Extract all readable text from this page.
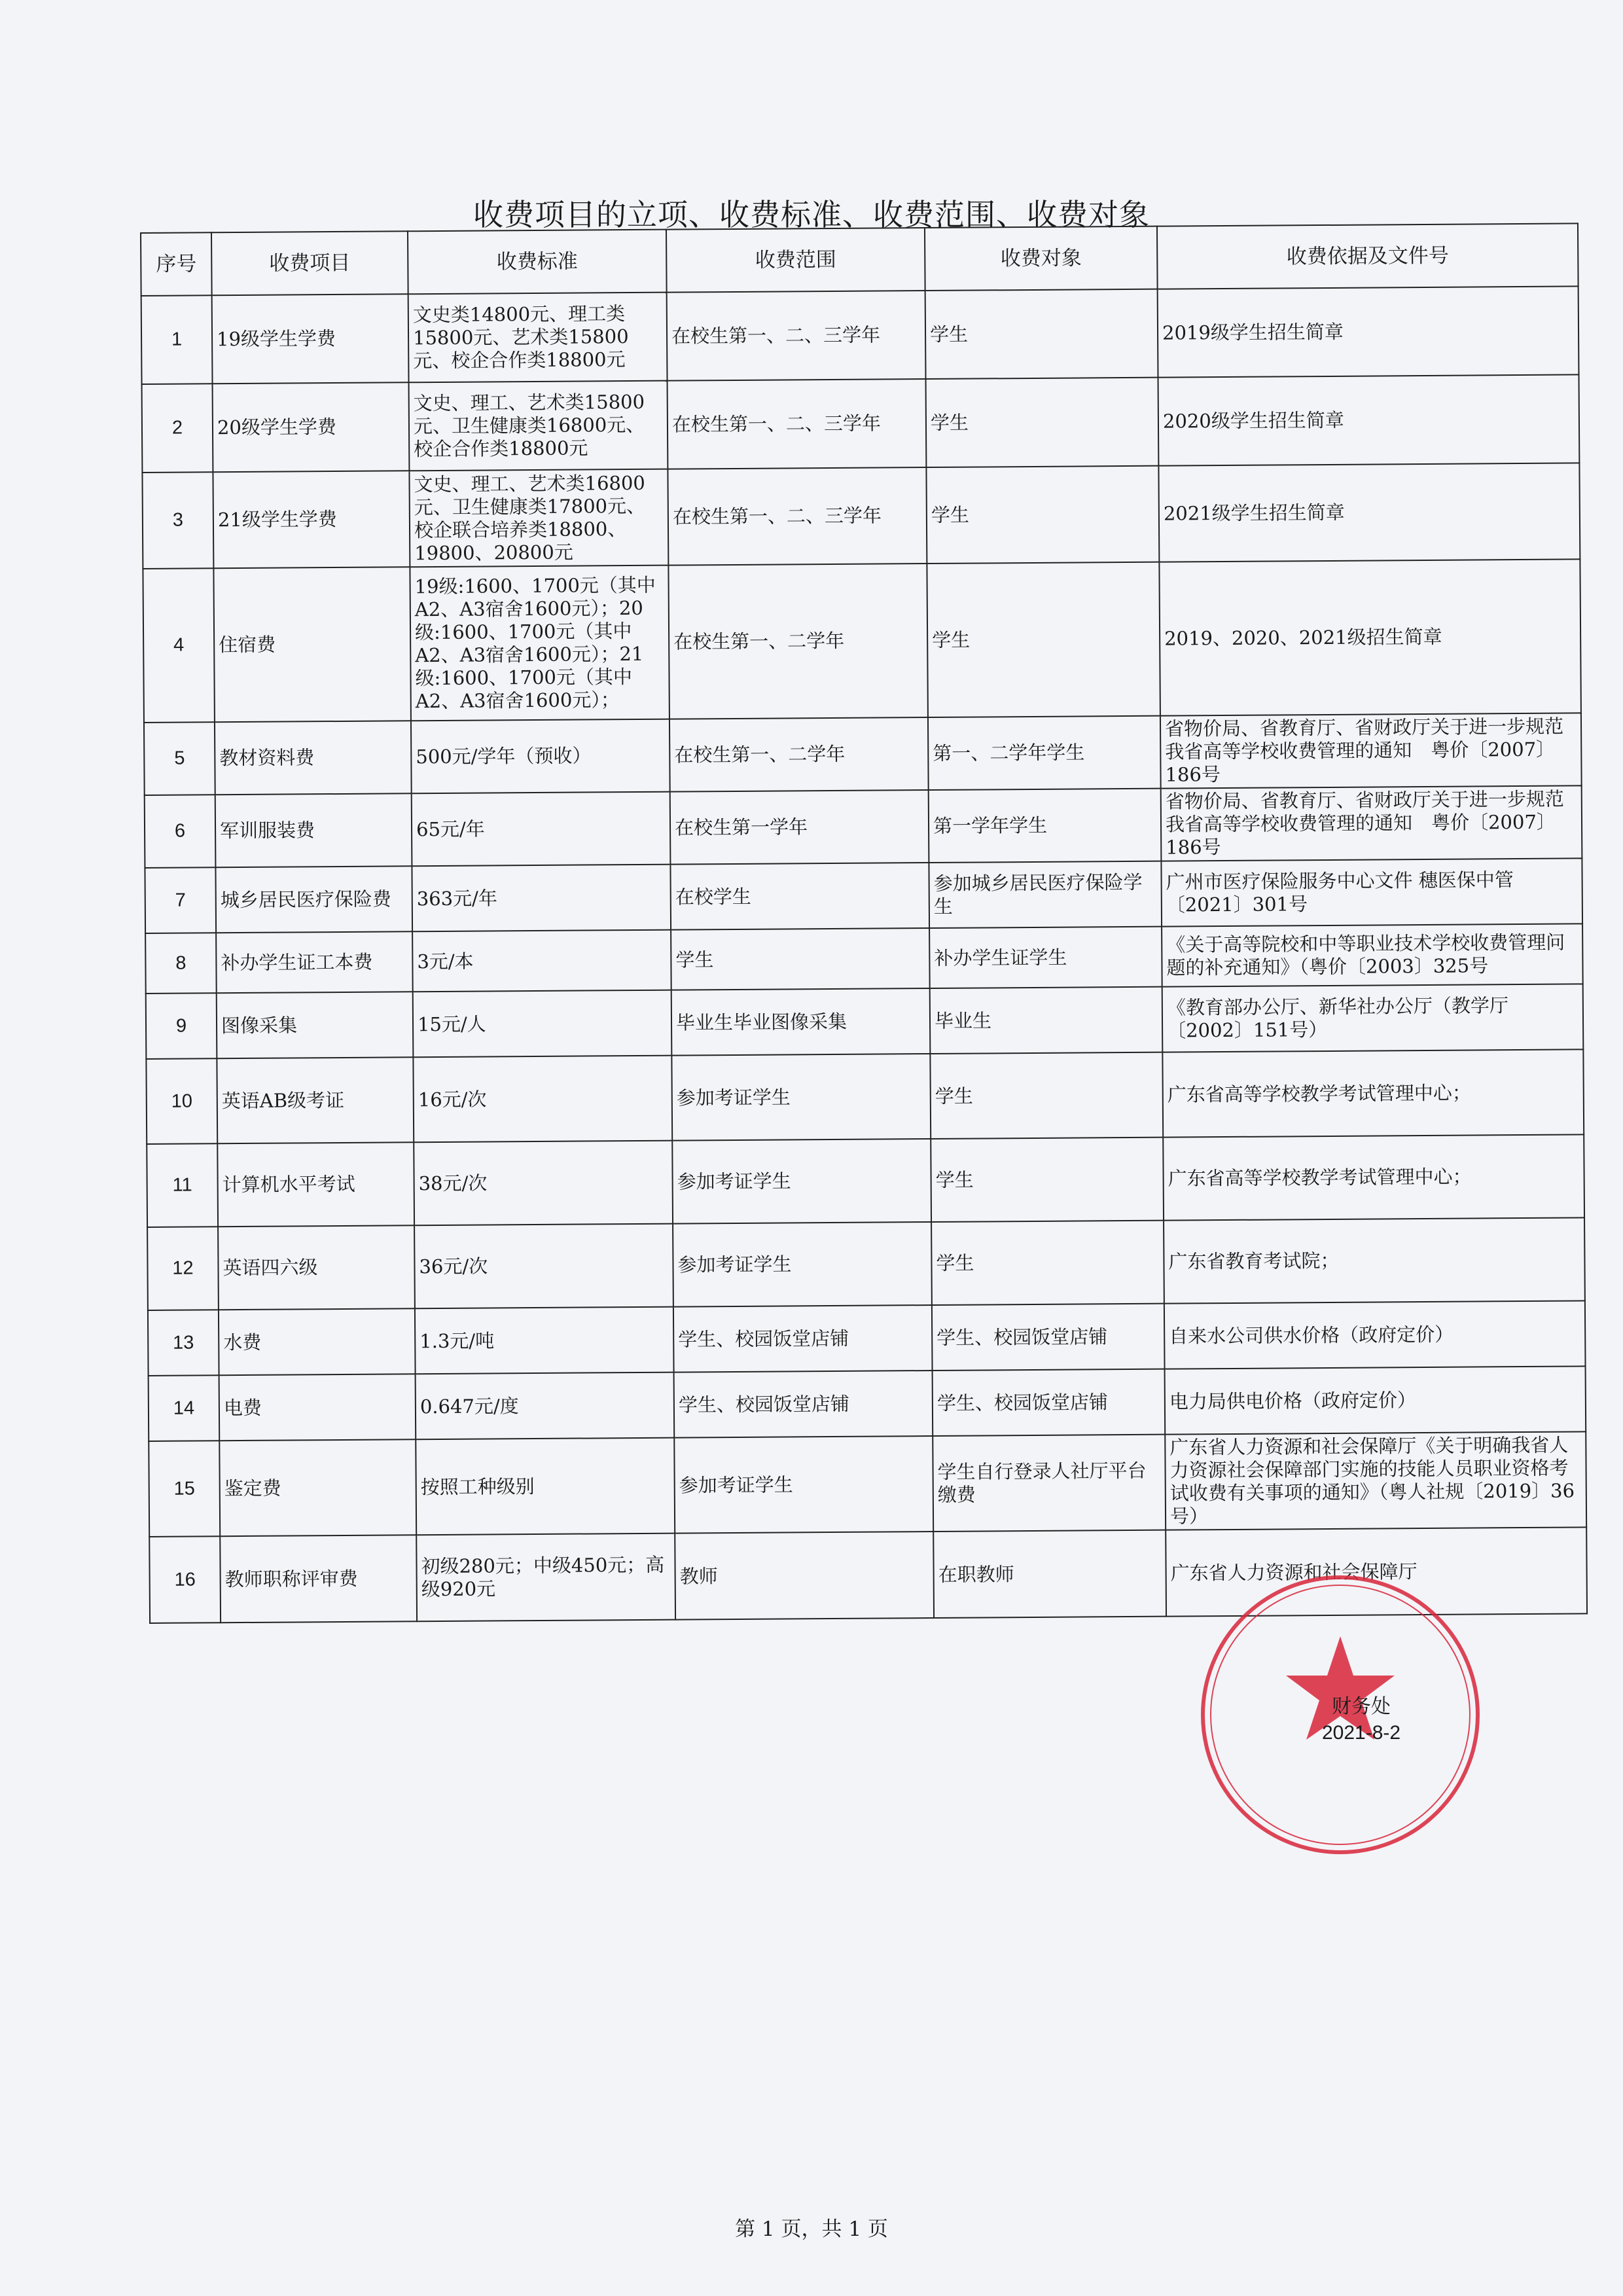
收费项目的立项、收费标准、收费范围、收费对象
序号	收费项目	收费标准	收费范围	收费对象	收费依据及文件号
1	19级学生学费	文史类14800元、理工类15800元、艺术类15800元、校企合作类18800元	在校生第一、二、三学年	学生	2019级学生招生简章
2	20级学生学费	文史、理工、艺术类15800元、卫生健康类16800元、校企合作类18800元	在校生第一、二、三学年	学生	2020级学生招生简章
3	21级学生学费	文史、理工、艺术类16800元、卫生健康类17800元、校企联合培养类18800、19800、20800元	在校生第一、二、三学年	学生	2021级学生招生简章
4	住宿费	19级:1600、1700元（其中A2、A3宿舍1600元）；20级:1600、1700元（其中A2、A3宿舍1600元）；21级:1600、1700元（其中A2、A3宿舍1600元）；	在校生第一、二学年	学生	2019、2020、2021级招生简章
5	教材资料费	500元/学年（预收）	在校生第一、二学年	第一、二学年学生	省物价局、省教育厅、省财政厅关于进一步规范我省高等学校收费管理的通知　粤价〔2007〕186号
6	军训服装费	65元/年	在校生第一学年	第一学年学生	省物价局、省教育厅、省财政厅关于进一步规范我省高等学校收费管理的通知　粤价〔2007〕186号
7	城乡居民医疗保险费	363元/年	在校学生	参加城乡居民医疗保险学生	广州市医疗保险服务中心文件 穗医保中管〔2021〕301号
8	补办学生证工本费	3元/本	学生	补办学生证学生	《关于高等院校和中等职业技术学校收费管理问题的补充通知》（粤价〔2003〕325号
9	图像采集	15元/人	毕业生毕业图像采集	毕业生	《教育部办公厅、新华社办公厅（教学厅〔2002〕151号）
10	英语AB级考证	16元/次	参加考证学生	学生	广东省高等学校教学考试管理中心；
11	计算机水平考试	38元/次	参加考证学生	学生	广东省高等学校教学考试管理中心；
12	英语四六级	36元/次	参加考证学生	学生	广东省教育考试院；
13	水费	1.3元/吨	学生、校园饭堂店铺	学生、校园饭堂店铺	自来水公司供水价格（政府定价）
14	电费	0.647元/度	学生、校园饭堂店铺	学生、校园饭堂店铺	电力局供电价格（政府定价）
15	鉴定费	按照工种级别	参加考证学生	学生自行登录人社厅平台缴费	广东省人力资源和社会保障厅《关于明确我省人力资源社会保障部门实施的技能人员职业资格考试收费有关事项的通知》（粤人社规〔2019〕36号）
16	教师职称评审费	初级280元；中级450元；高级920元	教师	在职教师	广东省人力资源和社会保障厅
财务处
2021-8-2
第 1 页，共 1 页
